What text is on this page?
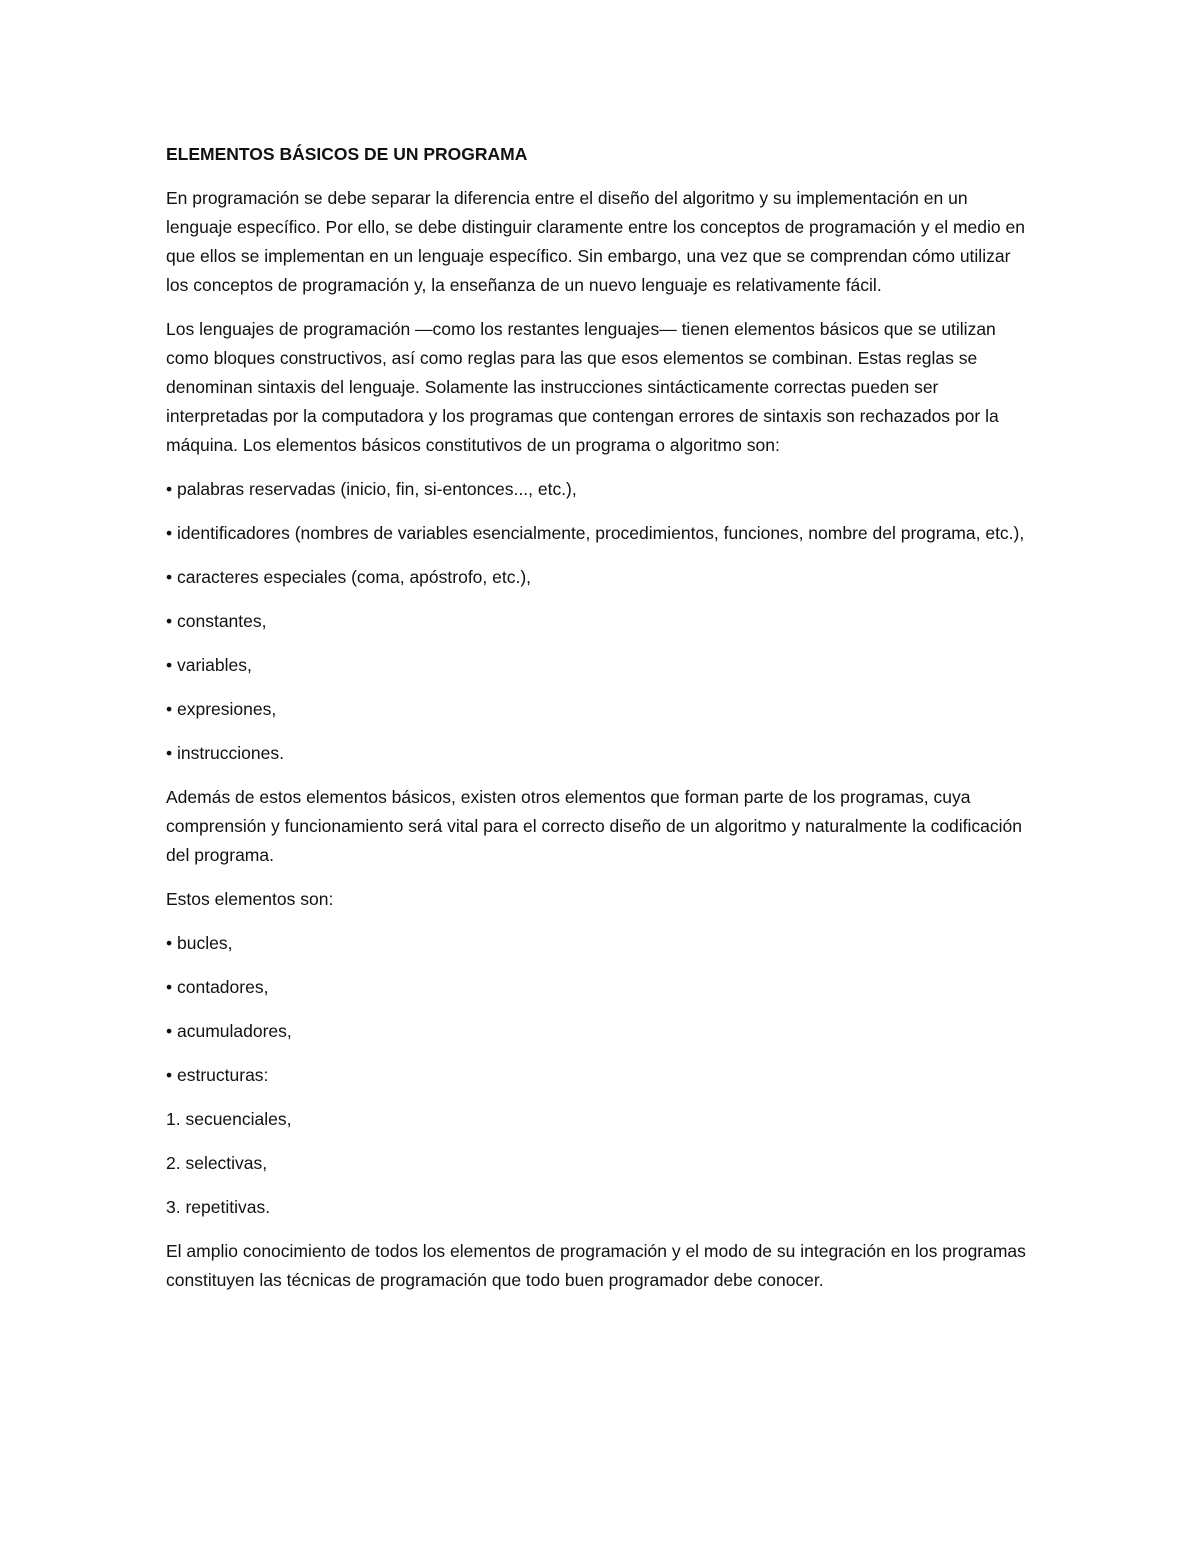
ELEMENTOS BÁSICOS DE UN PROGRAMA
En programación se debe separar la diferencia entre el diseño del algoritmo y su implementación en un lenguaje específico. Por ello, se debe distinguir claramente entre los conceptos de programación y el medio en que ellos se implementan en un lenguaje específico. Sin embargo, una vez que se comprendan cómo utilizar los conceptos de programación y, la enseñanza de un nuevo lenguaje es relativamente fácil.
Los lenguajes de programación —como los restantes lenguajes— tienen elementos básicos que se utilizan como bloques constructivos, así como reglas para las que esos elementos se combinan. Estas reglas se denominan sintaxis del lenguaje. Solamente las instrucciones sintácticamente correctas pueden ser interpretadas por la computadora y los programas que contengan errores de sintaxis son rechazados por la máquina. Los elementos básicos constitutivos de un programa o algoritmo son:
• palabras reservadas (inicio, fin, si-entonces..., etc.),
• identificadores (nombres de variables esencialmente, procedimientos, funciones, nombre del programa, etc.),
• caracteres especiales (coma, apóstrofo, etc.),
• constantes,
• variables,
• expresiones,
• instrucciones.
Además de estos elementos básicos, existen otros elementos que forman parte de los programas, cuya comprensión y funcionamiento será vital para el correcto diseño de un algoritmo y naturalmente la codificación del programa.
Estos elementos son:
• bucles,
• contadores,
• acumuladores,
• estructuras:
1. secuenciales,
2. selectivas,
3. repetitivas.
El amplio conocimiento de todos los elementos de programación y el modo de su integración en los programas constituyen las técnicas de programación que todo buen programador debe conocer.
